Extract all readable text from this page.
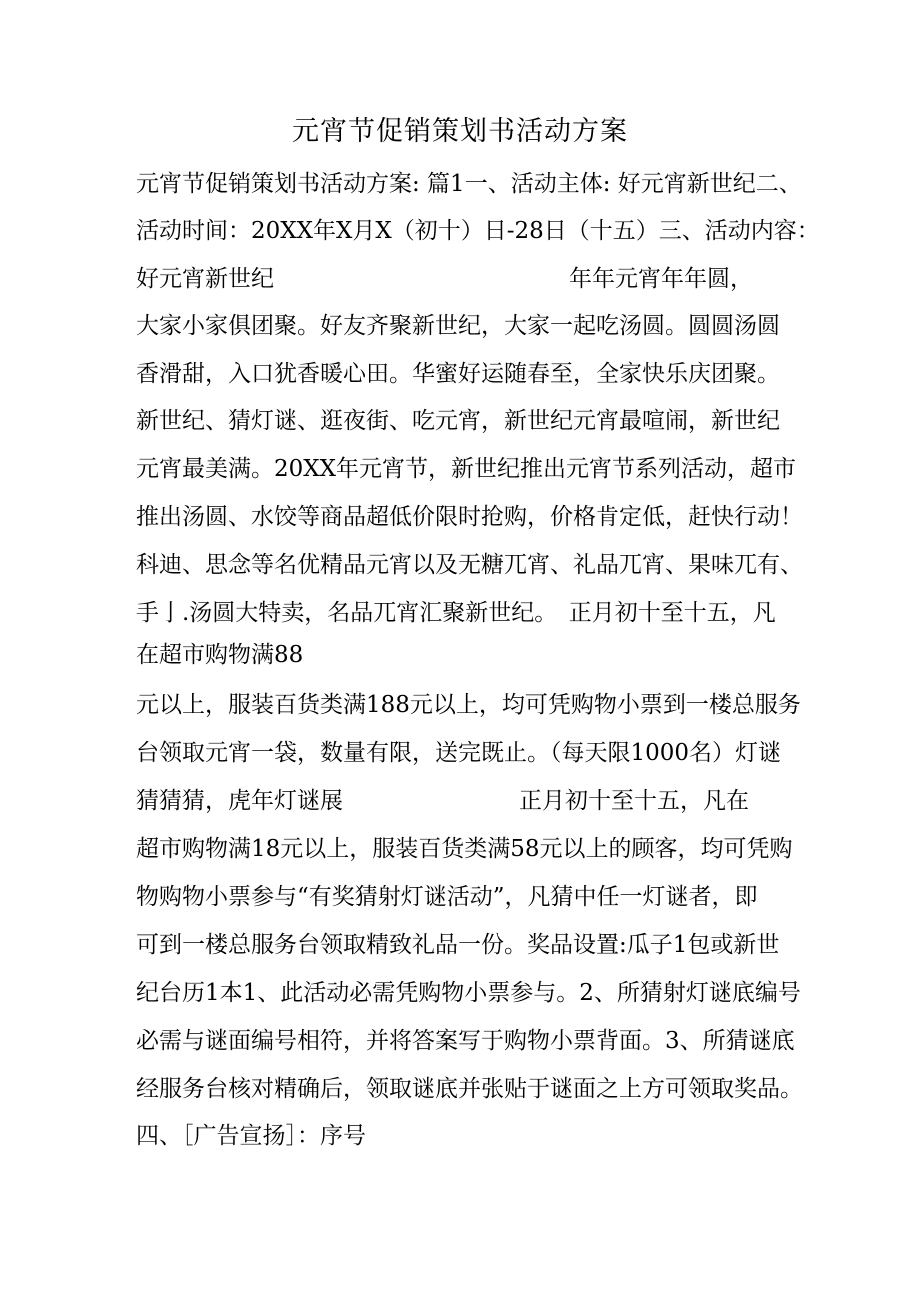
元宵节促销策划书活动方案
元宵节促销策划书活动方案: 篇1一、活动主体: 好元宵新世纪二、
活动时间：20XX年X月X（初十）日-28日（十五）三、活动内容：
好元宵新世纪	年年元宵年年圆，
大家小家俱团聚。好友齐聚新世纪，大家一起吃汤圆。圆圆汤圆
香滑甜，入口犹香暖心田。华蜜好运随春至，全家快乐庆团聚。
新世纪、猜灯谜、逛夜街、吃元宵，新世纪元宵最喧闹，新世纪
元宵最美满。20XX年元宵节，新世纪推出元宵节系列活动，超市
推出汤圆、水饺等商品超低价限时抢购，价格肯定低，赶快行动！
科迪、思念等名优精品元宵以及无糖兀宵、礼品兀宵、果味兀有、
手亅.汤圆大特卖，名品兀宵汇聚新世纪。　正月初十至十五，凡
在超市购物满88
元以上，服装百货类满188元以上，均可凭购物小票到一楼总服务
台领取元宵一袋，数量有限，送完既止。（每天限1000名）灯谜
猜猜猜，虎年灯谜展	正月初十至十五，凡在
超市购物满18元以上，服装百货类满58元以上的顾客，均可凭购
物购物小票参与“有奖猜射灯谜活动”，凡猜中任一灯谜者，即
可到一楼总服务台领取精致礼品一份。奖品设置:瓜子1包或新世
纪台历1本1、此活动必需凭购物小票参与。2、所猜射灯谜底编号
必需与谜面编号相符，并将答案写于购物小票背面。3、所猜谜底
经服务台核对精确后，领取谜底并张贴于谜面之上方可领取奖品。
四、［广告宣扬］：序号
